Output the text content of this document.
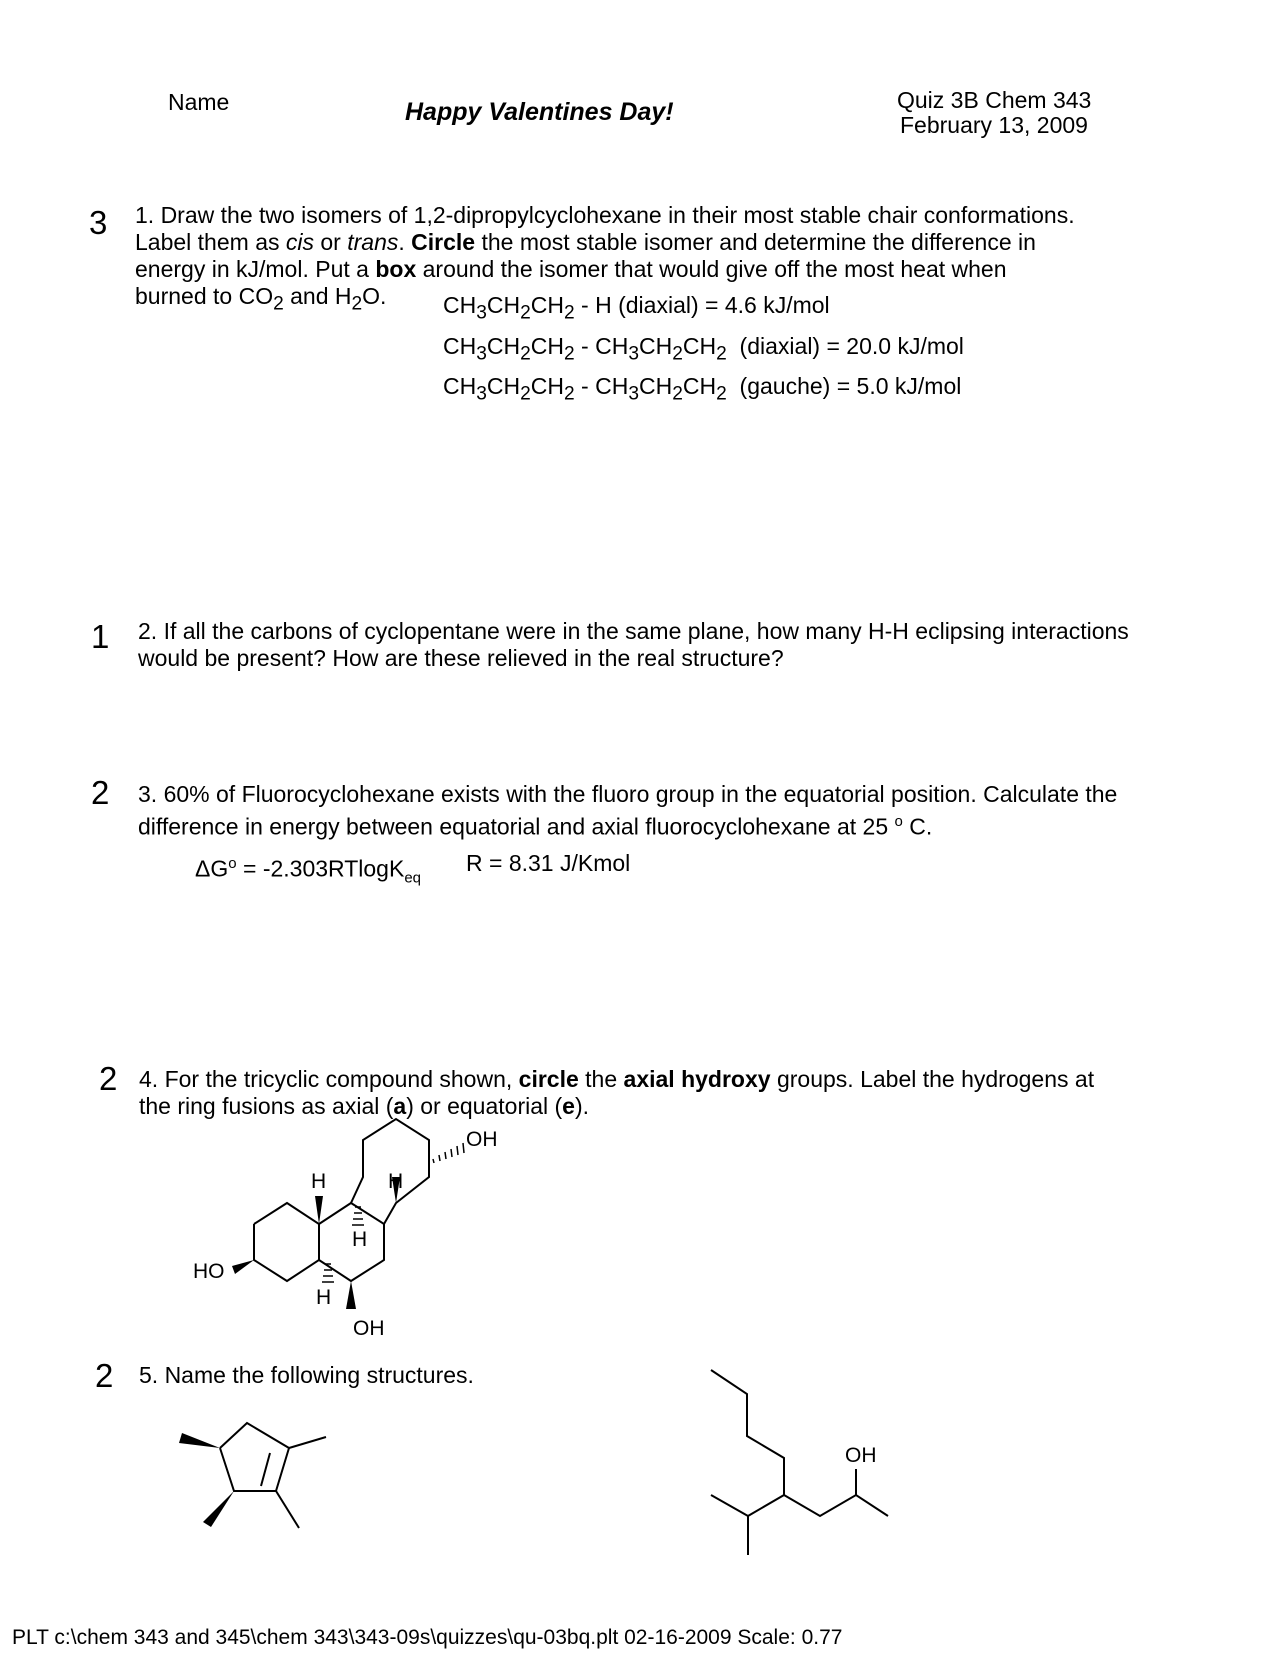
Name	Happy Valentines Day!	Quiz 3B Chem 343
February 13, 2009
3 1. Draw the two isomers of 1,2-dipropylcyclohexane in their most stable chair conformations.

Label them as cis or trans. Circle the most stable isomer and determine the difference in

energy in kJ/mol. Put a box around the isomer that would give off the most heat when

burned to $CO_2$ and $H_2O$.	$CH_3CH_2CH_2$ - H (diaxial) = 4.6 kJ/mol

$CH_3CH_2CH_2 - CH_3CH_2CH_2$  (diaxial) = 20.0 kJ/mol

$CH_3CH_2CH_2 - CH_3CH_2CH_2$  (gauche) = 5.0 kJ/mol

1 2. If all the carbons of cyclopentane were in the same plane, how many H-H eclipsing interactions

would be present? How are these relieved in the real structure?

2 3. 60% of Fluorocyclohexane exists with the fluoro group in the equatorial position. Calculate the

difference in energy between equatorial and axial fluorocyclohexane at 25 $^o$ C.

$\Delta G^o = -2.303RTlogK_{eq}$
R = 8.31 J/Kmol
2 4. For the tricyclic compound shown, circle the axial hydroxy groups. Label the hydrogens at

the ring fusions as axial (a) or equatorial (e).

OH
HO
OH
H	H
H
H
2 5. Name the following structures.

OH
PLT c:\chem 343 and 345\chem 343\343-09s\quizzes\qu-03bq.plt 02-16-2009 Scale: 0.77
